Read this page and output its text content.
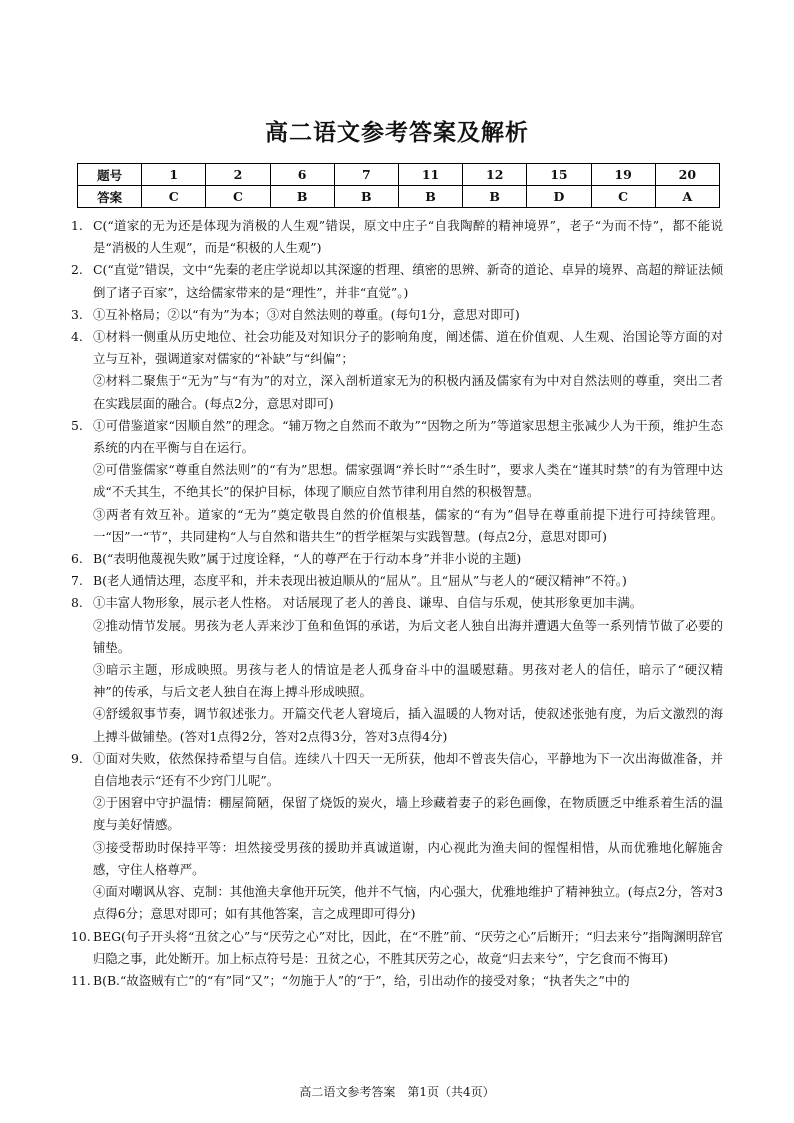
高二语文参考答案及解析
题号	1	2	6	7	11	12	15	19	20
答案	C	C	B	B	B	B	D	C	A
1. C(“道家的无为还是体现为消极的人生观”错误，原文中庄子“自我陶醉的精神境界”，老子“为而不恃”，都不能说是“消极的人生观”，而是“积极的人生观”)

2. C(“直觉”错误，文中“先秦的老庄学说却以其深邃的哲理、缜密的思辨、新奇的道论、卓异的境界、高超的辩证法倾倒了诸子百家”，这给儒家带来的是“理性”，并非“直觉”。)

3. ①互补格局；②以“有为”为本；③对自然法则的尊重。(每句1分，意思对即可)

4. ①材料一侧重从历史地位、社会功能及对知识分子的影响角度，阐述儒、道在价值观、人生观、治国论等方面的对立与互补，强调道家对儒家的“补缺”与“纠偏”；

②材料二聚焦于“无为”与“有为”的对立，深入剖析道家无为的积极内涵及儒家有为中对自然法则的尊重，突出二者在实践层面的融合。(每点2分，意思对即可)

5. ①可借鉴道家“因顺自然”的理念。“辅万物之自然而不敢为”“因物之所为”等道家思想主张减少人为干预，维护生态系统的内在平衡与自在运行。

②可借鉴儒家“尊重自然法则”的“有为”思想。儒家强调“养长时”“杀生时”，要求人类在“谨其时禁”的有为管理中达成“不夭其生，不绝其长”的保护目标，体现了顺应自然节律利用自然的积极智慧。

③两者有效互补。道家的“无为”奠定敬畏自然的价值根基，儒家的“有为”倡导在尊重前提下进行可持续管理。一“因”一“节”，共同建构“人与自然和谐共生”的哲学框架与实践智慧。(每点2分，意思对即可)

6. B(“表明他蔑视失败”属于过度诠释，“人的尊严在于行动本身”并非小说的主题)

7. B(老人通情达理，态度平和，并未表现出被迫顺从的“屈从”。且“屈从”与老人的“硬汉精神”不符。)

8. ①丰富人物形象，展示老人性格。 对话展现了老人的善良、谦卑、自信与乐观，使其形象更加丰满。

②推动情节发展。男孩为老人弄来沙丁鱼和鱼饵的承诺，为后文老人独自出海并遭遇大鱼等一系列情节做了必要的铺垫。

③暗示主题，形成映照。男孩与老人的情谊是老人孤身奋斗中的温暖慰藉。男孩对老人的信任，暗示了“硬汉精神”的传承，与后文老人独自在海上搏斗形成映照。

④舒缓叙事节奏，调节叙述张力。开篇交代老人窘境后，插入温暖的人物对话，使叙述张弛有度，为后文激烈的海上搏斗做铺垫。(答对1点得2分，答对2点得3分，答对3点得4分)

9. ①面对失败，依然保持希望与自信。连续八十四天一无所获，他却不曾丧失信心，平静地为下一次出海做准备，并自信地表示“还有不少窍门儿呢”。

②于困窘中守护温情：棚屋简陋，保留了烧饭的炭火，墙上珍藏着妻子的彩色画像，在物质匮乏中维系着生活的温度与美好情感。

③接受帮助时保持平等：坦然接受男孩的援助并真诚道谢，内心视此为渔夫间的惺惺相惜，从而优雅地化解施舍感，守住人格尊严。

④面对嘲讽从容、克制：其他渔夫拿他开玩笑，他并不气恼，内心强大，优雅地维护了精神独立。(每点2分，答对3点得6分；意思对即可；如有其他答案，言之成理即可得分)

10. BEG(句子开头将“丑贫之心”与“厌劳之心”对比，因此，在“不胜”前、“厌劳之心”后断开；“归去来兮”指陶渊明辞官归隐之事，此处断开。加上标点符号是：丑贫之心，不胜其厌劳之心，故竟“归去来兮”，宁乞食而不悔耳)

11. B(B.“故盗贼有亡”的“有”同“又”；“勿施于人”的“于”，给，引出动作的接受对象；“执者失之”中的

高二语文参考答案　第1页（共4页）
